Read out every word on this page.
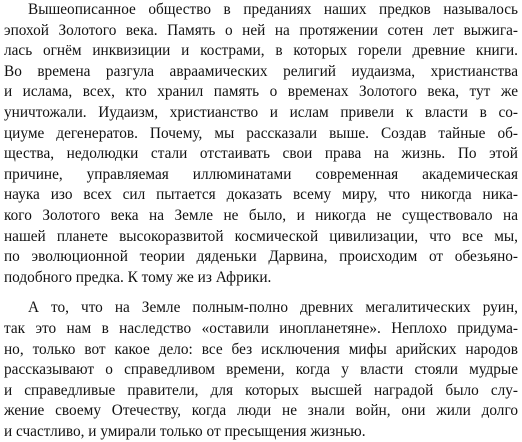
Вышеописанное общество в преданиях наших предков называлось
эпохой Золотого века. Память о ней на протяжении сотен лет выжига-
лась огнём инквизиции и кострами, в которых горели древние книги.
Во времена разгула авраамических религий иудаизма, христианства
и ислама, всех, кто хранил память о временах Золотого века, тут же
уничтожали. Иудаизм, христианство и ислам привели к власти в со-
циуме дегенератов. Почему, мы рассказали выше. Создав тайные об-
щества, недолюдки стали отстаивать свои права на жизнь. По этой
причине, управляемая иллюминатами современная академическая
наука изо всех сил пытается доказать всему миру, что никогда ника-
кого Золотого века на Земле не было, и никогда не существовало на
нашей планете высокоразвитой космической цивилизации, что все мы,
по эволюционной теории дяденьки Дарвина, происходим от обезьяно-
подобного предка. К тому же из Африки.
А то, что на Земле полным-полно древних мегалитических руин,
так это нам в наследство «оставили инопланетяне». Неплохо придума-
но, только вот какое дело: все без исключения мифы арийских народов
рассказывают о справедливом времени, когда у власти стояли мудрые
и справедливые правители, для которых высшей наградой было слу-
жение своему Отечеству, когда люди не знали войн, они жили долго
и счастливо, и умирали только от пресыщения жизнью.
